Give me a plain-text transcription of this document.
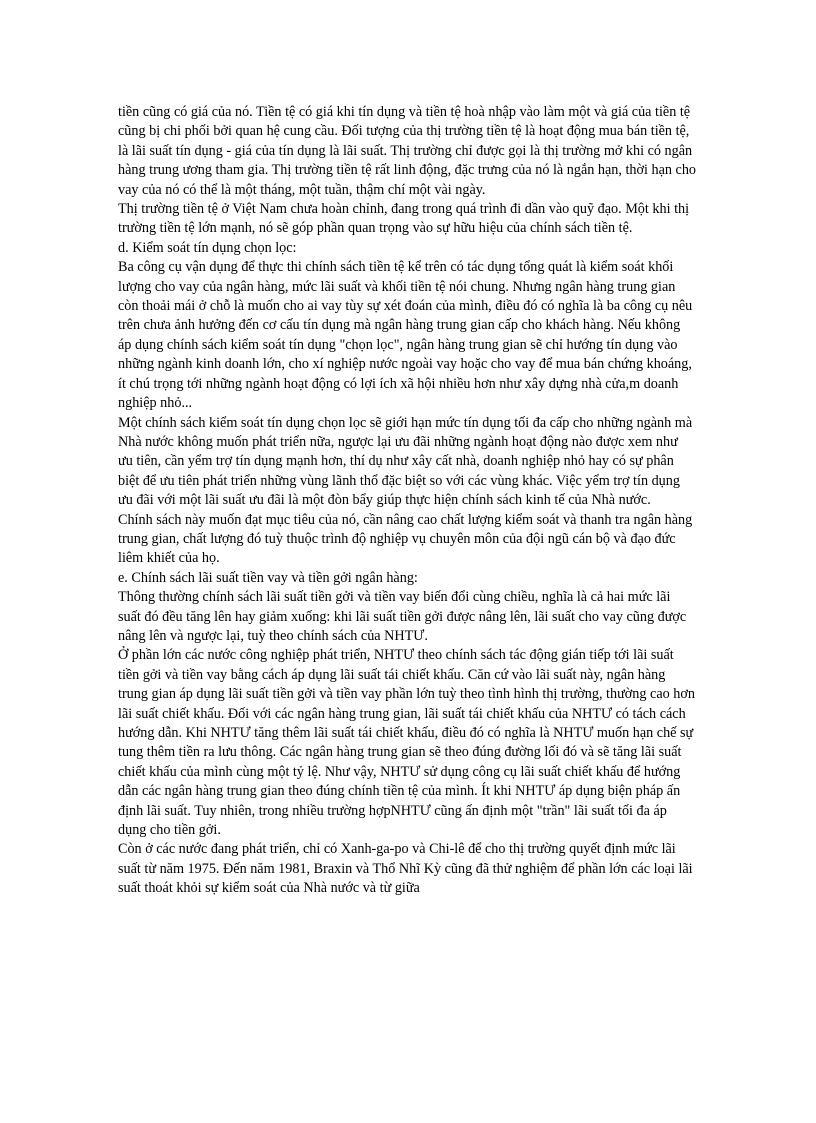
tiền cũng có giá của nó. Tiền tệ có giá khi tín dụng và tiền tệ hoà nhập vào làm một và giá của tiền tệ cũng bị chi phối bởi quan hệ cung cầu. Đối tượng của thị trường tiền tệ là hoạt động mua bán tiền tệ, là lãi suất tín dụng - giá của tín dụng là lãi suất. Thị trường chỉ được gọi là thị trường mở khi có ngân hàng trung ương tham gia. Thị trường tiền tệ rất linh động, đặc trưng của nó là ngắn hạn, thời hạn cho vay của nó có thể là một tháng, một tuần, thậm chí một vài ngày.

Thị trường tiền tệ ở Việt Nam chưa hoàn chỉnh, đang trong quá trình đi dần vào quỹ đạo. Một khi thị trường tiền tệ lớn mạnh, nó sẽ góp phần quan trọng vào sự hữu hiệu của chính sách tiền tệ.

d. Kiểm soát tín dụng chọn lọc:

Ba công cụ vận dụng để thực thi chính sách tiền tệ kể trên có tác dụng tổng quát là kiểm soát khối lượng cho vay của ngân hàng, mức lãi suất và khối tiền tệ nói chung. Nhưng ngân hàng trung gian còn thoải mái ở chỗ là muốn cho ai vay tùy sự xét đoán của mình, điều đó có nghĩa là ba công cụ nêu trên chưa ảnh hưởng đến cơ cấu tín dụng mà ngân hàng trung gian cấp cho khách hàng. Nếu không áp dụng chính sách kiểm soát tín dụng "chọn lọc", ngân hàng trung gian sẽ chỉ hướng tín dụng vào những ngành kinh doanh lớn, cho xí nghiệp nước ngoài vay hoặc cho vay để mua bán chứng khoáng, ít chú trọng tới những ngành hoạt động có lợi ích xã hội nhiều hơn như xây dựng nhà cửa,m doanh nghiệp nhỏ...

Một chính sách kiểm soát tín dụng chọn lọc sẽ giới hạn mức tín dụng tối đa cấp cho những ngành mà Nhà nước không muốn phát triển nữa, ngược lại ưu đãi những ngành hoạt động nào được xem như ưu tiên, cần yểm trợ tín dụng mạnh hơn, thí dụ như xây cất nhà, doanh nghiệp nhỏ hay có sự phân biệt để ưu tiên phát triển những vùng lãnh thổ đặc biệt so với các vùng khác. Việc yểm trợ tín dụng ưu đãi với một lãi suất ưu đãi là một đòn bẩy giúp thực hiện chính sách kinh tế của Nhà nước.

Chính sách này muốn đạt mục tiêu của nó, cần nâng cao chất lượng kiểm soát và thanh tra ngân hàng trung gian, chất lượng đó tuỳ thuộc trình độ nghiệp vụ chuyên môn của đội ngũ cán bộ và đạo đức liêm khiết của họ.

e. Chính sách lãi suất tiền vay và tiền gởi ngân hàng:

Thông thường chính sách lãi suất tiền gởi và tiền vay biến đổi cùng chiều, nghĩa là cả hai mức lãi suất đó đều tăng lên hay giảm xuống: khi lãi suất tiền gởi được nâng lên, lãi suất cho vay cũng được nâng lên và ngược lại, tuỳ theo chính sách của NHTƯ.

Ở phần lớn các nước công nghiệp phát triển, NHTƯ theo chính sách tác động gián tiếp tới lãi suất tiền gởi và tiền vay bằng cách áp dụng lãi suất tái chiết khấu. Căn cứ vào lãi suất này, ngân hàng trung gian áp dụng lãi suất tiền gởi và tiền vay phần lớn tuỳ theo tình hình thị trường, thường cao hơn lãi suất chiết khấu. Đối với các ngân hàng trung gian, lãi suất tái chiết khấu của NHTƯ có tách cách hướng dẫn. Khi NHTƯ tăng thêm lãi suất tái chiết khấu, điều đó có nghĩa là NHTƯ muốn hạn chế sự tung thêm tiền ra lưu thông. Các ngân hàng trung gian sẽ theo đúng đường lối đó và sẽ tăng lãi suất chiết khấu của mình cùng một tỷ lệ. Như vậy, NHTƯ sử dụng công cụ lãi suất chiết khấu để hướng dẫn các ngân hàng trung gian theo đúng chính tiền tệ của mình. Ít khi NHTƯ áp dụng biện pháp ấn định lãi suất. Tuy nhiên, trong nhiều trường hợpNHTƯ cũng ấn định một "trần" lãi suất tối đa áp dụng cho tiền gởi.

Còn ở các nước đang phát triển, chỉ có Xanh-ga-po và Chi-lê để cho thị trường quyết định mức lãi suất từ năm 1975. Đến năm 1981, Braxin và Thổ Nhĩ Kỳ cũng đã thử nghiệm để phần lớn các loại lãi suất thoát khỏi sự kiểm soát của Nhà nước và từ giữa
